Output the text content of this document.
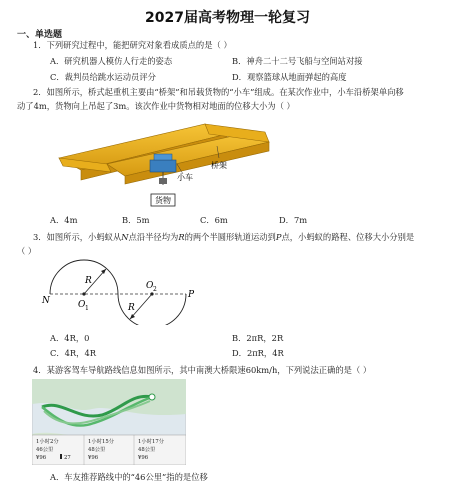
2027届高考物理一轮复习
一、单选题
1．下列研究过程中，能把研究对象看成质点的是（ ）
A．研究机器人模仿人行走的姿态	B．神舟二十二号飞船与空间站对接
C．裁判员给跳水运动员评分	D．观察篮球从地面弹起的高度
2．如图所示，桥式起重机主要由“桥架”和吊载货物的“小车”组成。在某次作业中，小车沿桥架单向移
动了4m，货物向上吊起了3m。该次作业中货物相对地面的位移大小为（ ）
货物
小车
桥架
A．4m	B．5m	C．6m	D．7m
3．如图所示，小蚂蚁从N点沿半径均为R的两个半圆形轨道运动到P点，小蚂蚁的路程、位移大小分别是
（ ）
N	O 1
O 2
P
R
R
A．4R，0	B．2πR，2R
C．4R，4R	D．2πR，4R
4．某游客驾车导航路线信息如图所示，其中南澳大桥限速60km/h，下列说法正确的是（ ）
1小时2分
46公里
¥96	27
1小时15分
48公里
¥96
1小时17分
48公里
¥96
A．车友推荐路线中的“46公里”指的是位移
